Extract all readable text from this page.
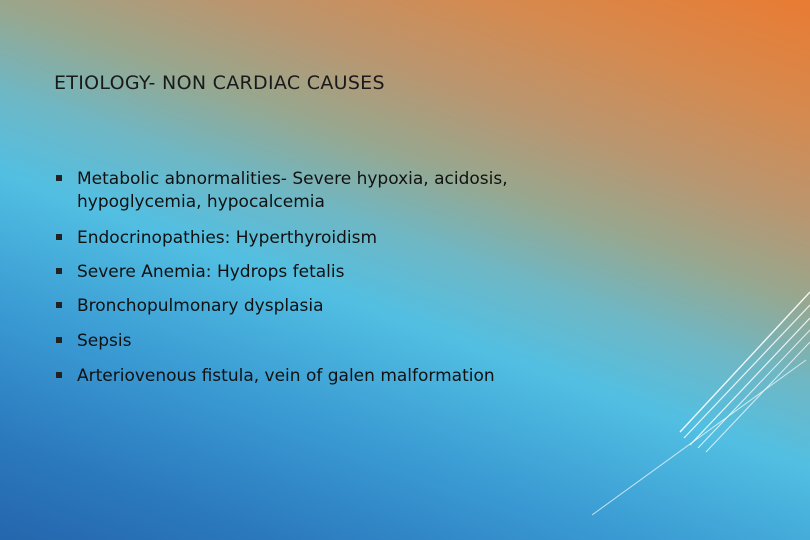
ETIOLOGY- NON CARDIAC CAUSES
Metabolic abnormalities- Severe hypoxia, acidosis, hypoglycemia, hypocalcemia
Endocrinopathies: Hyperthyroidism
Severe Anemia: Hydrops fetalis
Bronchopulmonary dysplasia
Sepsis
Arteriovenous fistula, vein of galen malformation
